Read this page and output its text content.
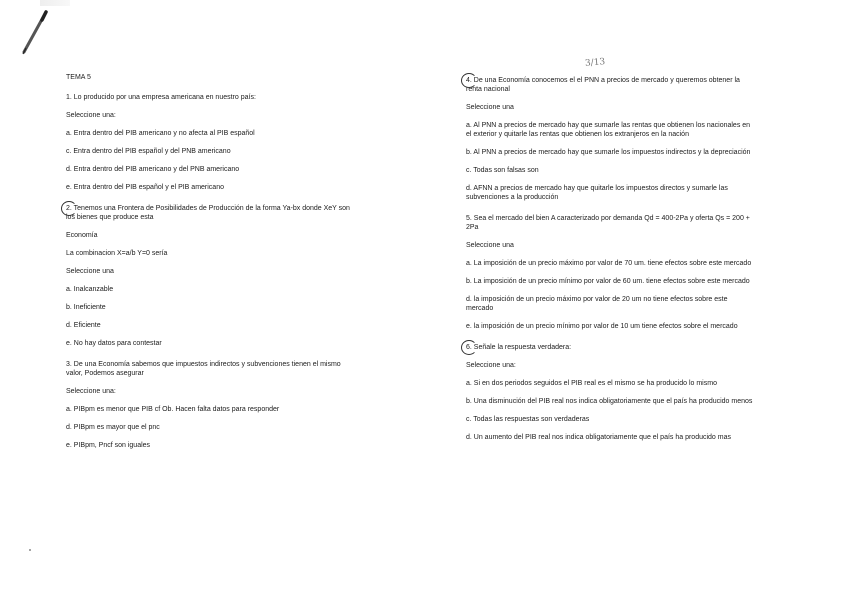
3/13

TEMA 5

1. Lo producido por una empresa americana en nuestro país:

Seleccione una:

a. Entra dentro del PIB americano y no afecta al PIB español

c. Entra dentro del PIB español y del PNB americano

d. Entra dentro del PIB americano y del PNB americano

e. Entra dentro del PIB español y el PIB americano

2. Tenemos una Frontera de Posibilidades de Producción de la forma Ya-bx donde XeY son

los bienes que produce esta

Economía

La combinacion X=a/b Y=0 sería

Seleccione una

a. Inalcanzable

b. Ineficiente

d. Eficiente

e. No hay datos para contestar

3. De una Economía sabemos que impuestos indirectos y subvenciones tienen el mismo

valor, Podemos asegurar

Seleccione una:

a. PIBpm es menor que PIB cf Ob. Hacen falta datos para responder

d. PIBpm es mayor que el pnc

e. PIBpm, Pncf son iguales

4. De una Economía conocemos el el PNN a precios de mercado y queremos obtener la

renta nacional

Seleccione una

a. Al PNN a precios de mercado hay que sumarle las rentas que obtienen los nacionales en

el exterior y quitarle las rentas que obtienen los extranjeros en la nación

b. Al PNN a precios de mercado hay que sumarle los impuestos indirectos y la depreciación

c. Todas son falsas son

d. AFNN a precios de mercado hay que quitarle los impuestos directos y sumarle las

subvenciones a la producción

5. Sea el mercado del bien A caracterizado por demanda Qd = 400-2Pa y oferta Qs = 200 +

2Pa

Seleccione una

a. La imposición de un precio máximo por valor de 70 um. tiene efectos sobre este mercado

b. La imposición de un precio mínimo por valor de 60 um. tiene efectos sobre este mercado

d. la imposición de un precio máximo por valor de 20 um no tiene efectos sobre este

mercado

e. la imposición de un precio mínimo por valor de 10 um tiene efectos sobre el mercado

6. Señale la respuesta verdadera:

Seleccione una:

a. Si en dos periodos seguidos el PIB real es el mismo se ha producido lo mismo

b. Una disminución del PIB real nos indica obligatoriamente que el país ha producido menos

c. Todas las respuestas son verdaderas

d. Un aumento del PIB real nos indica obligatoriamente que el país ha producido mas
